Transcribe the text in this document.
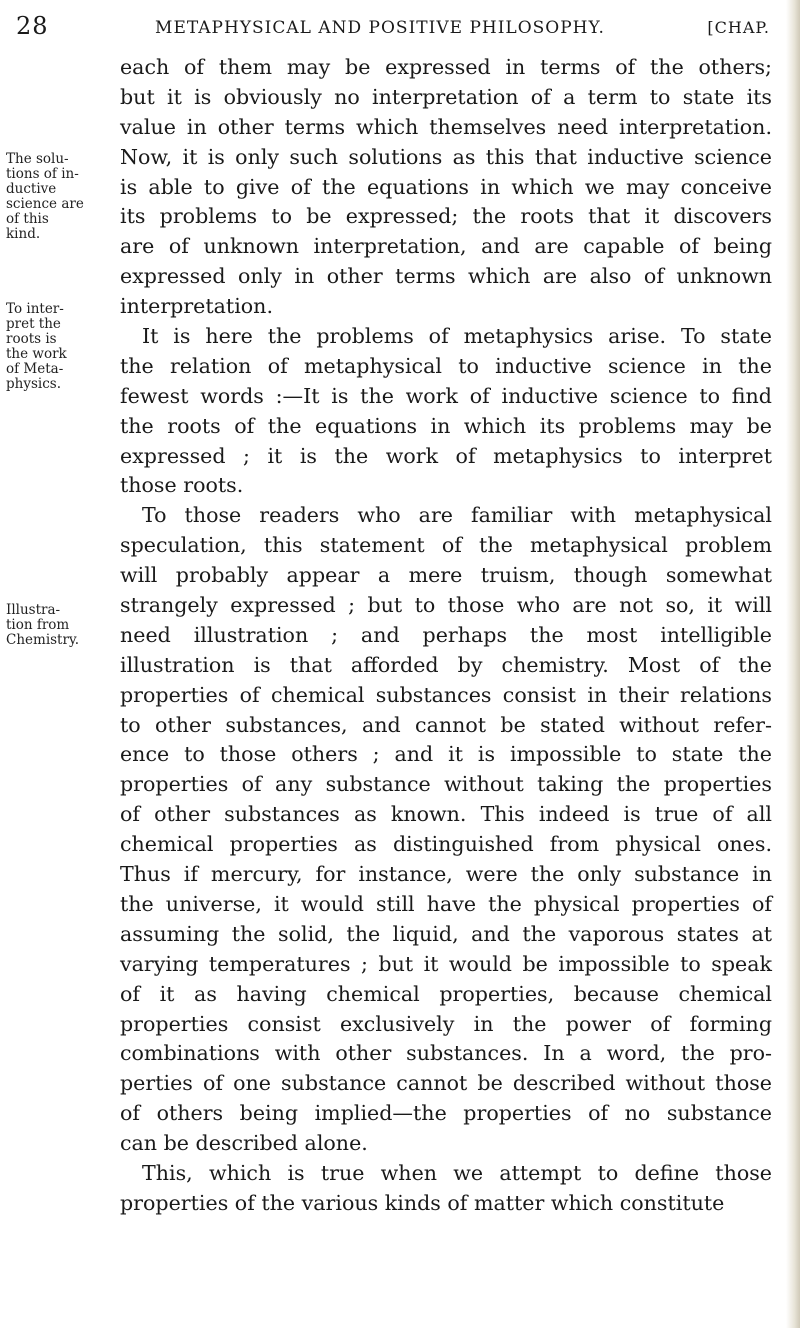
28	METAPHYSICAL AND POSITIVE PHILOSOPHY.	[CHAP.
The solu-
tions of in-
ductive
science are
of this
kind.
To inter-
pret the
roots is
the work
of Meta-
physics.
Illustra-
tion from
Chemistry.
each of them may be expressed in terms of the others;
but it is obviously no interpretation of a term to state its
value in other terms which themselves need interpretation.
Now, it is only such solutions as this that inductive science
is able to give of the equations in which we may conceive
its problems to be expressed; the roots that it discovers
are of unknown interpretation, and are capable of being
expressed only in other terms which are also of unknown
interpretation.
It is here the problems of metaphysics arise. To state
the relation of metaphysical to inductive science in the
fewest words :—It is the work of inductive science to find
the roots of the equations in which its problems may be
expressed ; it is the work of metaphysics to interpret
those roots.
To those readers who are familiar with metaphysical
speculation, this statement of the metaphysical problem
will probably appear a mere truism, though somewhat
strangely expressed ; but to those who are not so, it will
need illustration ; and perhaps the most intelligible
illustration is that afforded by chemistry. Most of the
properties of chemical substances consist in their relations
to other substances, and cannot be stated without refer-
ence to those others ; and it is impossible to state the
properties of any substance without taking the properties
of other substances as known. This indeed is true of all
chemical properties as distinguished from physical ones.
Thus if mercury, for instance, were the only substance in
the universe, it would still have the physical properties of
assuming the solid, the liquid, and the vaporous states at
varying temperatures ; but it would be impossible to speak
of it as having chemical properties, because chemical
properties consist exclusively in the power of forming
combinations with other substances. In a word, the pro-
perties of one substance cannot be described without those
of others being implied—the properties of no substance
can be described alone.
This, which is true when we attempt to define those
properties of the various kinds of matter which constitute
